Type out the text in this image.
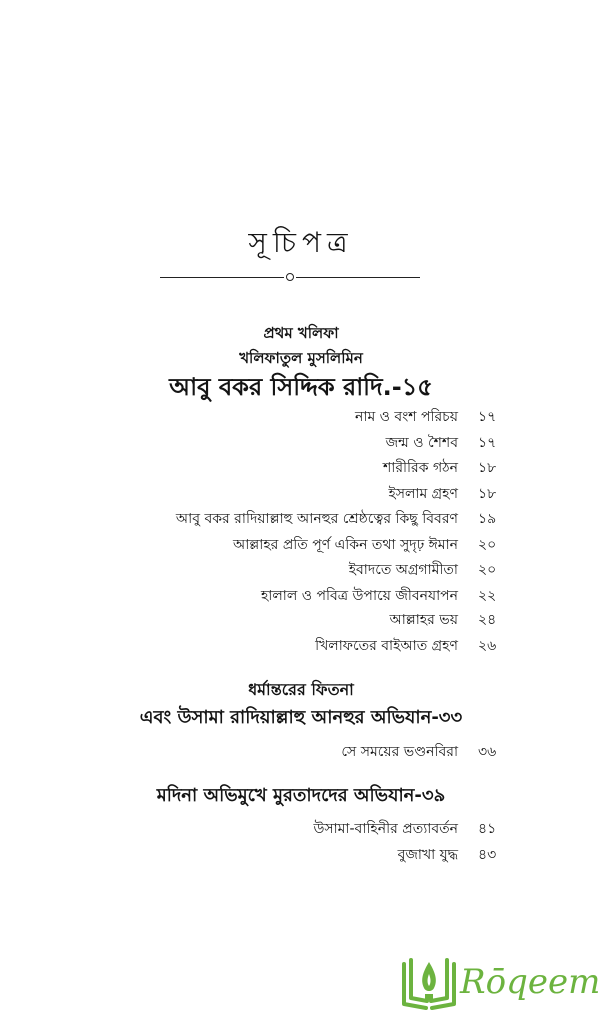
সূচিপত্র
প্রথম খলিফা
খলিফাতুল মুসলিমিন
আবু বকর সিদ্দিক রাদি.-১৫
নাম ও বংশ পরিচয় ১৭
জন্ম ও শৈশব ১৭
শারীরিক গঠন ১৮
ইসলাম গ্রহণ ১৮
আবু বকর রাদিয়াল্লাহু আনহুর শ্রেষ্ঠত্বের কিছু বিবরণ ১৯
আল্লাহর প্রতি পূর্ণ একিন তথা সুদৃঢ় ঈমান ২০
ইবাদতে অগ্রগামীতা ২০
হালাল ও পবিত্র উপায়ে জীবনযাপন ২২
আল্লাহর ভয় ২৪
খিলাফতের বাইআত গ্রহণ ২৬
ধর্মান্তরের ফিতনা
এবং উসামা রাদিয়াল্লাহু আনহুর অভিযান-৩৩
সে সময়ের ভণ্ডনবিরা ৩৬
মদিনা অভিমুখে মুরতাদদের অভিযান-৩৯
উসামা-বাহিনীর প্রত্যাবর্তন ৪১
বুজাখা যুদ্ধ ৪৩
Rōqeem
